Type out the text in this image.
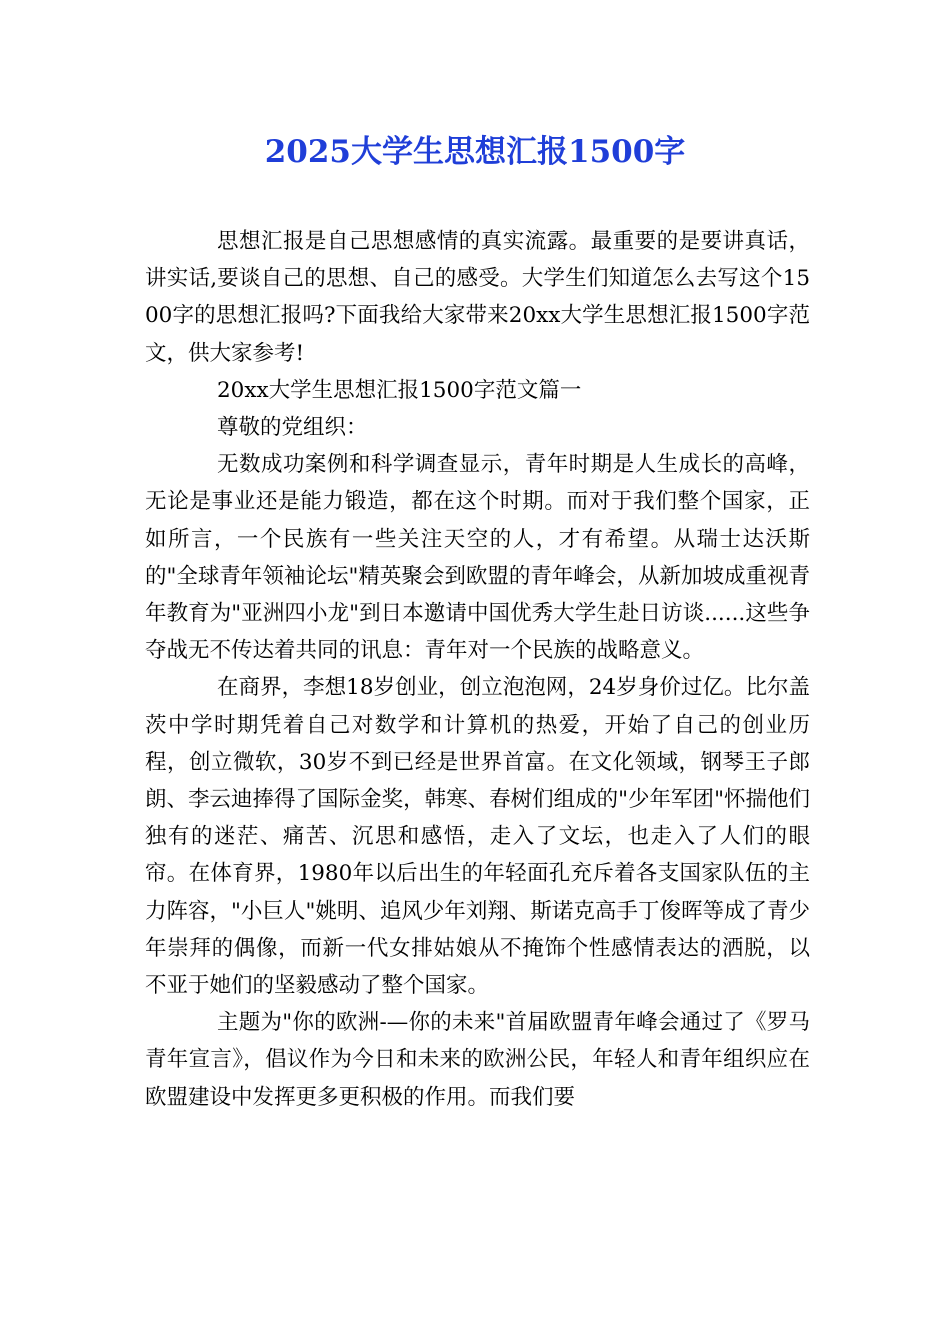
2025大学生思想汇报1500字

思想汇报是自己思想感情的真实流露。最重要的是要讲真话，讲实话,要谈自己的思想、自己的感受。大学生们知道怎么去写这个1500字的思想汇报吗?下面我给大家带来20xx大学生思想汇报1500字范文，供大家参考!

20xx大学生思想汇报1500字范文篇一

尊敬的党组织：

无数成功案例和科学调查显示，青年时期是人生成长的高峰，无论是事业还是能力锻造，都在这个时期。而对于我们整个国家，正如所言，一个民族有一些关注天空的人，才有希望。从瑞士达沃斯的"全球青年领袖论坛"精英聚会到欧盟的青年峰会，从新加坡成重视青年教育为"亚洲四小龙"到日本邀请中国优秀大学生赴日访谈......这些争夺战无不传达着共同的讯息：青年对一个民族的战略意义。

在商界，李想18岁创业，创立泡泡网，24岁身价过亿。比尔盖茨中学时期凭着自己对数学和计算机的热爱，开始了自己的创业历程，创立微软，30岁不到已经是世界首富。在文化领域，钢琴王子郎朗、李云迪捧得了国际金奖，韩寒、春树们组成的"少年军团"怀揣他们独有的迷茫、痛苦、沉思和感悟，走入了文坛，也走入了人们的眼帘。在体育界，1980年以后出生的年轻面孔充斥着各支国家队伍的主力阵容，"小巨人"姚明、追风少年刘翔、斯诺克高手丁俊晖等成了青少年崇拜的偶像，而新一代女排姑娘从不掩饰个性感情表达的洒脱，以不亚于她们的坚毅感动了整个国家。

主题为"你的欧洲-—你的未来"首届欧盟青年峰会通过了《罗马青年宣言》，倡议作为今日和未来的欧洲公民，年轻人和青年组织应在欧盟建设中发挥更多更积极的作用。而我们要
